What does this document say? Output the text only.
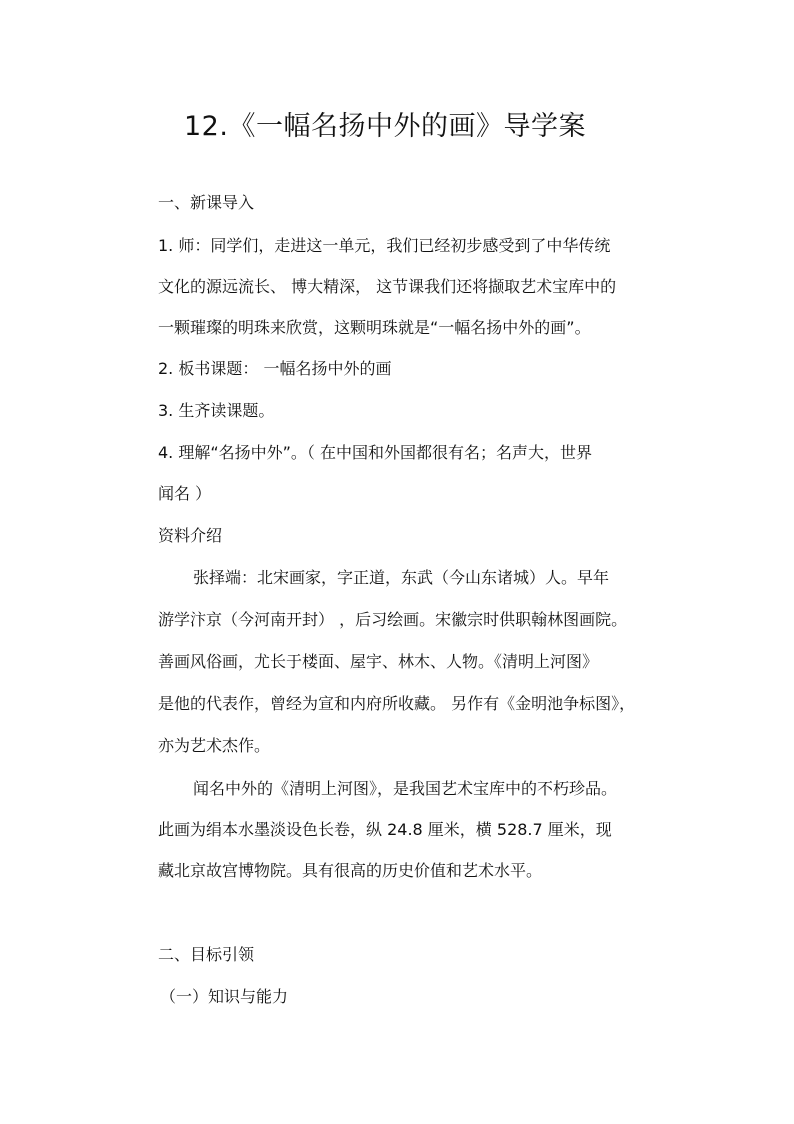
12.《一幅名扬中外的画》导学案
一、新课导入
1. 师：同学们，走进这一单元，我们已经初步感受到了中华传统
文化的源远流长、 博大精深， 这节课我们还将撷取艺术宝库中的
一颗璀璨的明珠来欣赏，这颗明珠就是“一幅名扬中外的画”。
2. 板书课题： 一幅名扬中外的画
3. 生齐读课题。
4. 理解“名扬中外”。（ 在中国和外国都很有名；名声大，世界
闻名 ）
资料介绍
张择端：北宋画家，字正道，东武（今山东诸城）人。早年
游学汴京（今河南开封） ，后习绘画。宋徽宗时供职翰林图画院。
善画风俗画，尤长于楼面、屋宇、林木、人物。《清明上河图》
是他的代表作，曾经为宣和内府所收藏。 另作有《金明池争标图》，
亦为艺术杰作。
闻名中外的《清明上河图》，是我国艺术宝库中的不朽珍品。
此画为绢本水墨淡设色长卷，纵 24.8 厘米，横 528.7 厘米，现
藏北京故宫博物院。具有很高的历史价值和艺术水平。
二、目标引领
（一）知识与能力
